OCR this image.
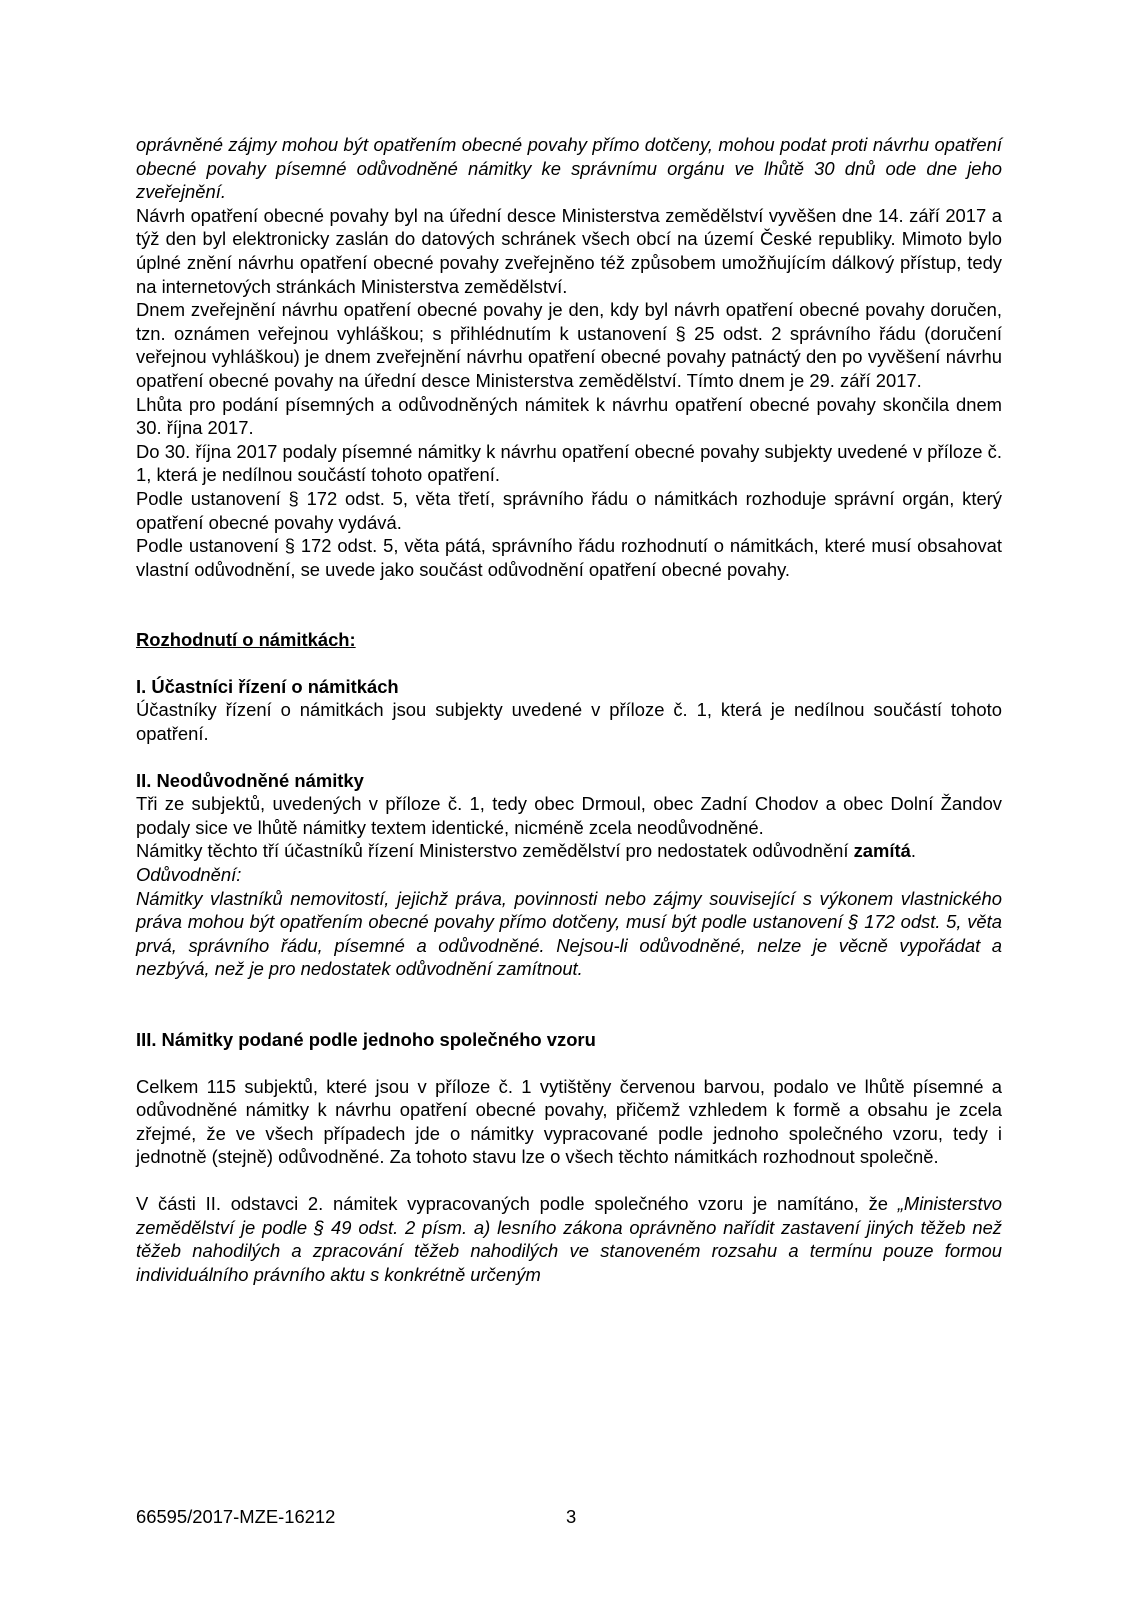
oprávněné zájmy mohou být opatřením obecné povahy přímo dotčeny, mohou podat proti návrhu opatření obecné povahy písemné odůvodněné námitky ke správnímu orgánu ve lhůtě 30 dnů ode dne jeho zveřejnění.

Návrh opatření obecné povahy byl na úřední desce Ministerstva zemědělství vyvěšen dne 14. září 2017 a týž den byl elektronicky zaslán do datových schránek všech obcí na území České republiky. Mimoto bylo úplné znění návrhu opatření obecné povahy zveřejněno též způsobem umožňujícím dálkový přístup, tedy na internetových stránkách Ministerstva zemědělství.

Dnem zveřejnění návrhu opatření obecné povahy je den, kdy byl návrh opatření obecné povahy doručen, tzn. oznámen veřejnou vyhláškou; s přihlédnutím k ustanovení § 25 odst. 2 správního řádu (doručení veřejnou vyhláškou) je dnem zveřejnění návrhu opatření obecné povahy patnáctý den po vyvěšení návrhu opatření obecné povahy na úřední desce Ministerstva zemědělství. Tímto dnem je 29. září 2017.

Lhůta pro podání písemných a odůvodněných námitek k návrhu opatření obecné povahy skončila dnem 30. října 2017.

Do 30. října 2017 podaly písemné námitky k návrhu opatření obecné povahy subjekty uvedené v příloze č. 1, která je nedílnou součástí tohoto opatření.

Podle ustanovení § 172 odst. 5, věta třetí, správního řádu o námitkách rozhoduje správní orgán, který opatření obecné povahy vydává.

Podle ustanovení § 172 odst. 5, věta pátá, správního řádu rozhodnutí o námitkách, které musí obsahovat vlastní odůvodnění, se uvede jako součást odůvodnění opatření obecné povahy.

Rozhodnutí o námitkách:

I. Účastníci řízení o námitkách

Účastníky řízení o námitkách jsou subjekty uvedené v příloze č. 1, která je nedílnou součástí tohoto opatření.

II. Neodůvodněné námitky

Tři ze subjektů, uvedených v příloze č. 1, tedy obec Drmoul, obec Zadní Chodov a obec Dolní Žandov podaly sice ve lhůtě námitky textem identické, nicméně zcela neodůvodněné.

Námitky těchto tří účastníků řízení Ministerstvo zemědělství pro nedostatek odůvodnění zamítá.

Odůvodnění:

Námitky vlastníků nemovitostí, jejichž práva, povinnosti nebo zájmy související s výkonem vlastnického práva mohou být opatřením obecné povahy přímo dotčeny, musí být podle ustanovení § 172 odst. 5, věta prvá, správního řádu, písemné a odůvodněné. Nejsou-li odůvodněné, nelze je věcně vypořádat a nezbývá, než je pro nedostatek odůvodnění zamítnout.

III. Námitky podané podle jednoho společného vzoru

Celkem 115 subjektů, které jsou v příloze č. 1 vytištěny červenou barvou, podalo ve lhůtě písemné a odůvodněné námitky k návrhu opatření obecné povahy, přičemž vzhledem k formě a obsahu je zcela zřejmé, že ve všech případech jde o námitky vypracované podle jednoho společného vzoru, tedy i jednotně (stejně) odůvodněné. Za tohoto stavu lze o všech těchto námitkách rozhodnout společně.

V části II. odstavci 2. námitek vypracovaných podle společného vzoru je namítáno, že „Ministerstvo zemědělství je podle § 49 odst. 2 písm. a) lesního zákona oprávněno nařídit zastavení jiných těžeb než těžeb nahodilých a zpracování těžeb nahodilých ve stanoveném rozsahu a termínu pouze formou individuálního právního aktu s konkrétně určeným

66595/2017-MZE-16212	3
